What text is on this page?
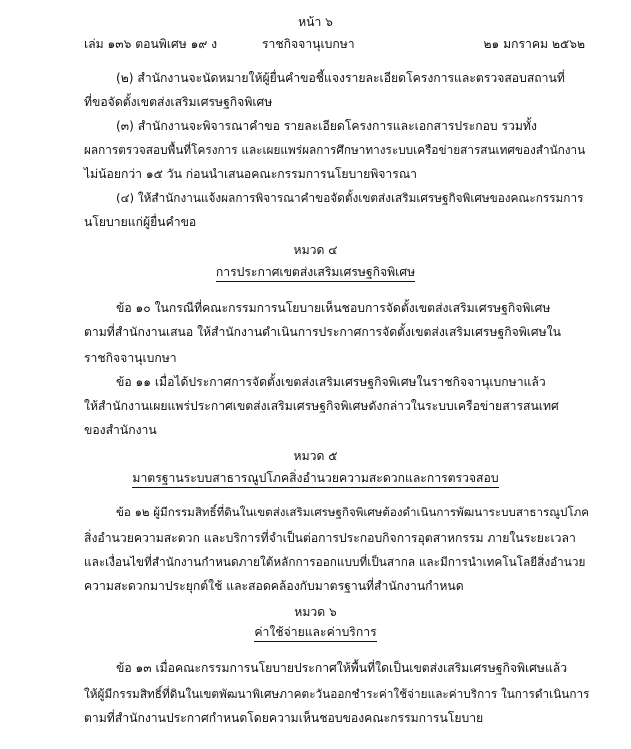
หน้า ๖
เล่ม ๑๓๖ ตอนพิเศษ ๑๙ ง	ราชกิจจานุเบกษา	๒๑ มกราคม ๒๕๖๒
(๒) สำนักงานจะนัดหมายให้ผู้ยื่นคำขอชี้แจงรายละเอียดโครงการและตรวจสอบสถานที่
ที่ขอจัดตั้งเขตส่งเสริมเศรษฐกิจพิเศษ
(๓) สำนักงานจะพิจารณาคำขอ รายละเอียดโครงการและเอกสารประกอบ รวมทั้ง
ผลการตรวจสอบพื้นที่โครงการ และเผยแพร่ผลการศึกษาทางระบบเครือข่ายสารสนเทศของสำนักงาน
ไม่น้อยกว่า ๑๕ วัน ก่อนนำเสนอคณะกรรมการนโยบายพิจารณา
(๔) ให้สำนักงานแจ้งผลการพิจารณาคำขอจัดตั้งเขตส่งเสริมเศรษฐกิจพิเศษของคณะกรรมการ
นโยบายแก่ผู้ยื่นคำขอ
หมวด ๔
การประกาศเขตส่งเสริมเศรษฐกิจพิเศษ
ข้อ ๑๐ ในกรณีที่คณะกรรมการนโยบายเห็นชอบการจัดตั้งเขตส่งเสริมเศรษฐกิจพิเศษ
ตามที่สำนักงานเสนอ ให้สำนักงานดำเนินการประกาศการจัดตั้งเขตส่งเสริมเศรษฐกิจพิเศษใน
ราชกิจจานุเบกษา
ข้อ ๑๑ เมื่อได้ประกาศการจัดตั้งเขตส่งเสริมเศรษฐกิจพิเศษในราชกิจจานุเบกษาแล้ว
ให้สำนักงานเผยแพร่ประกาศเขตส่งเสริมเศรษฐกิจพิเศษดังกล่าวในระบบเครือข่ายสารสนเทศ
ของสำนักงาน
หมวด ๕
มาตรฐานระบบสาธารณูปโภคสิ่งอำนวยความสะดวกและการตรวจสอบ
ข้อ ๑๒ ผู้มีกรรมสิทธิ์ที่ดินในเขตส่งเสริมเศรษฐกิจพิเศษต้องดำเนินการพัฒนาระบบสาธารณูปโภค
สิ่งอำนวยความสะดวก และบริการที่จำเป็นต่อการประกอบกิจการอุตสาหกรรม ภายในระยะเวลา
และเงื่อนไขที่สำนักงานกำหนดภายใต้หลักการออกแบบที่เป็นสากล และมีการนำเทคโนโลยีสิ่งอำนวย
ความสะดวกมาประยุกต์ใช้ และสอดคล้องกับมาตรฐานที่สำนักงานกำหนด
หมวด ๖
ค่าใช้จ่ายและค่าบริการ
ข้อ ๑๓ เมื่อคณะกรรมการนโยบายประกาศให้พื้นที่ใดเป็นเขตส่งเสริมเศรษฐกิจพิเศษแล้ว
ให้ผู้มีกรรมสิทธิ์ที่ดินในเขตพัฒนาพิเศษภาคตะวันออกชำระค่าใช้จ่ายและค่าบริการ ในการดำเนินการ
ตามที่สำนักงานประกาศกำหนดโดยความเห็นชอบของคณะกรรมการนโยบาย
